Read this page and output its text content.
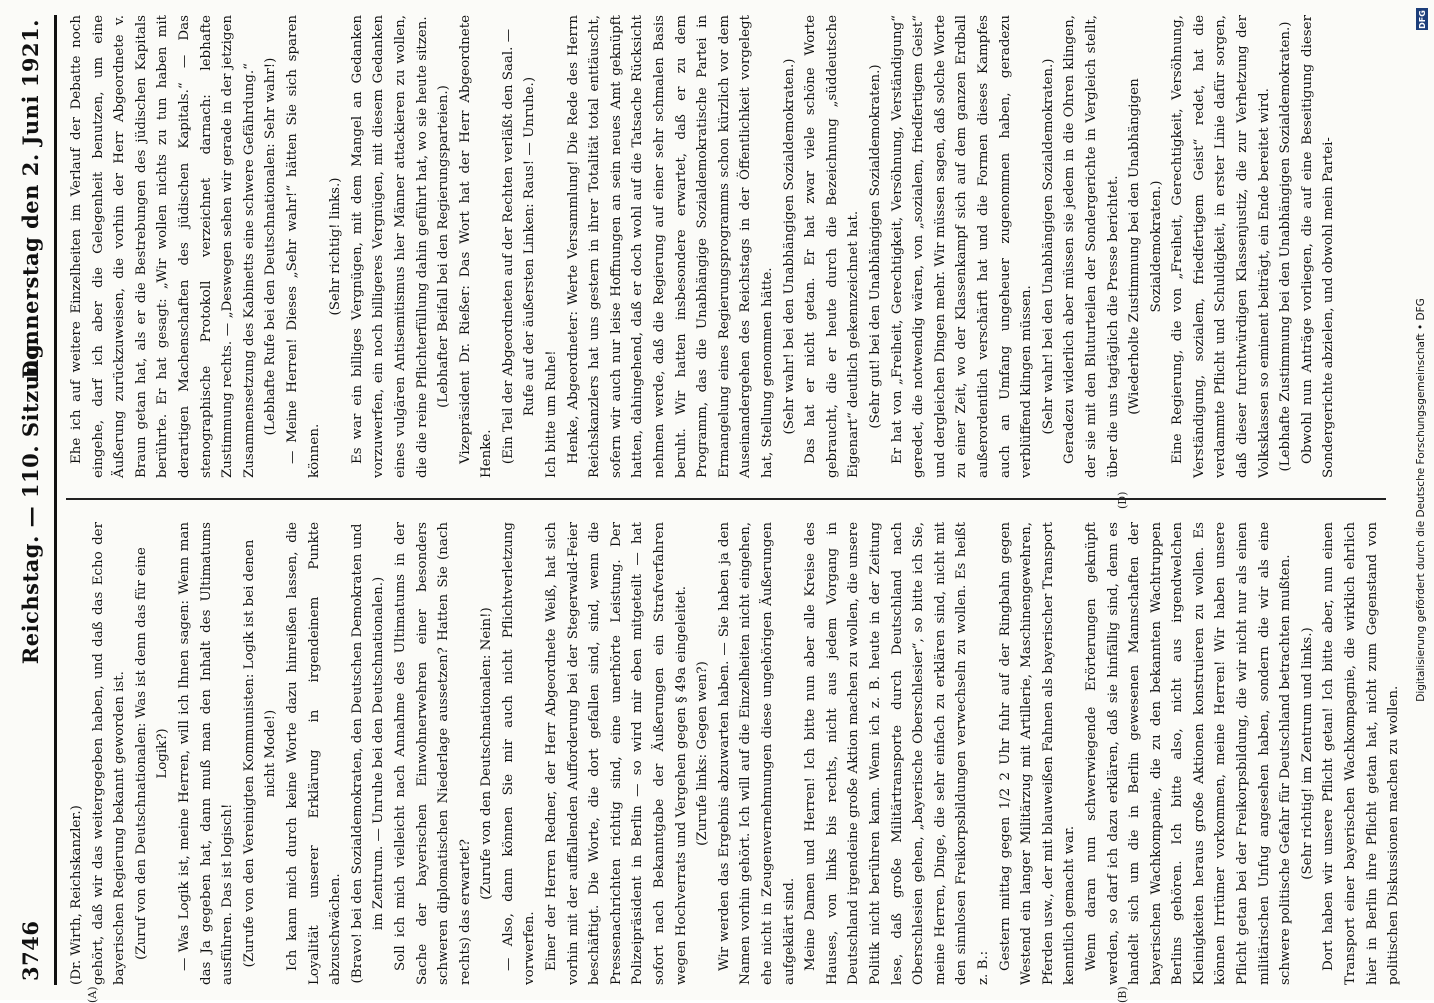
3746
Reichstag. — 110. Sitzung.
Donnerstag den 2. Juni 1921.

(Dr. Wirth, Reichskanzler.) gehört, daß wir das weitergegeben haben, und daß das Echo der bayerischen Regierung bekannt geworden ist. (Zuruf von den Deutschnationalen: Was ist denn das für eine Logik?) — Was Logik ist, meine Herren, will ich Ihnen sagen: Wenn man das Ja gegeben hat, dann muß man den Inhalt des Ultimatums ausführen. Das ist logisch! (Zurufe von den Vereinigten Kommunisten: Logik ist bei denen nicht Mode!) Ich kann mich durch keine Worte dazu hinreißen lassen, die Loyalität unserer Erklärung in irgendeinem Punkte abzuschwächen. (Bravo! bei den Sozialdemokraten, den Deutschen Demokraten und im Zentrum. — Unruhe bei den Deutschnationalen.) Soll ich mich vielleicht nach Annahme des Ultimatums in der Sache der bayerischen Einwohnerwehren einer besonders schweren diplomatischen Niederlage aussetzen? Hatten Sie (nach rechts) das erwartet?

(Zurufe von den Deutschnationalen: Nein!) — Also, dann können Sie mir auch nicht Pflichtverletzung vorwerfen. Einer der Herren Redner, der Herr Abgeordnete Weiß, hat sich vorhin mit der auffallenden Aufforderung bei der Stegerwald-Feier beschäftigt. Die Worte, die dort gefallen sind, sind, wenn die Pressenachrichten richtig sind, eine unerhörte Leistung. Der Polizeipräsident in Berlin — so wird mir eben mitgeteilt — hat sofort nach Bekanntgabe der Äußerungen ein Strafverfahren wegen Hochverrats und Vergehen gegen § 49a eingeleitet. (Zurufe links: Gegen wen?) Wir werden das Ergebnis abzuwarten haben. — Sie haben ja den Namen vorhin gehört. Ich will auf die Einzelheiten nicht eingehen, ehe nicht in Zeugenvernehmungen diese ungehörigen Äußerungen aufgeklärt sind. Meine Damen und Herren! Ich bitte nun aber alle Kreise des Hauses, von links bis rechts, nicht aus jedem Vorgang in Deutschland irgendeine große Aktion machen zu wollen, die unsere Politik nicht berühren kann. Wenn ich z. B. heute in der Zeitung lese, daß große Militärtransporte durch Deutschland nach Oberschlesien gehen, „bayerische Oberschlesier“, so bitte ich Sie, meine Herren, Dinge, die sehr einfach zu erklären sind, nicht mit den sinnlosen Freikorpsbildungen verwechseln zu wollen. Es heißt z. B.: Gestern mittag gegen 1/2 2 Uhr fuhr auf der Ringbahn gegen Westend ein langer Militärzug mit Artillerie, Maschinengewehren, Pferden usw., der mit blauweißen Fahnen als bayerischer Transport kenntlich gemacht war. Wenn daran nun schwerwiegende Erörterungen geknüpft werden, so darf ich dazu erklären, daß sie hinfällig sind, denn es handelt sich um die in Berlin gewesenen Mannschaften der bayerischen Wachkompanie, die zu den bekannten Wachtruppen Berlins gehören. Ich bitte also, nicht aus irgendwelchen Kleinigkeiten heraus große Aktionen konstruieren zu wollen. Es können Irrtümer vorkommen, meine Herren! Wir haben unsere Pflicht getan bei der Freikorpsbildung, die wir nicht nur als einen militärischen Unfug angesehen haben, sondern die wir als eine schwere politische Gefahr für Deutschland betrachten mußten. (Sehr richtig! im Zentrum und links.) Dort haben wir unsere Pflicht getan! Ich bitte aber, nun einen Transport einer bayerischen Wachkompagnie, die wirklich ehrlich hier in Berlin ihre Pflicht getan hat, nicht zum Gegenstand von politischen Diskussionen machen zu wollen.

Ehe ich auf weitere Einzelheiten im Verlauf der Debatte noch eingehe, darf ich aber die Gelegenheit benutzen, um eine Äußerung zurückzuweisen, die vorhin der Herr Abgeordnete v. Braun getan hat, als er die Bestrebungen des jüdischen Kapitals berührte. Er hat gesagt: „Wir wollen nichts zu tun haben mit derartigen Machenschaften des jüdischen Kapitals.“ — Das stenographische Protokoll verzeichnet darnach: lebhafte Zustimmung rechts. — „Deswegen sehen wir gerade in der jetzigen Zusammensetzung des Kabinetts eine schwere Gefährdung.“ (Lebhafte Rufe bei den Deutschnationalen: Sehr wahr!) — Meine Herren! Dieses „Sehr wahr!“ hätten Sie sich sparen können.

(Sehr richtig! links.) Es war ein billiges Vergnügen, mit dem Mangel an Gedanken vorzuwerfen, ein noch billigeres Vergnügen, mit diesem Gedanken eines vulgären Antisemitismus hier Männer attackieren zu wollen, die die reine Pflichterfüllung dahin geführt hat, wo sie heute sitzen. (Lebhafter Beifall bei den Regierungsparteien.) Vizepräsident Dr. Rießer: Das Wort hat der Herr Abgeordnete Henke. (Ein Teil der Abgeordneten auf der Rechten verläßt den Saal. — Rufe auf der äußersten Linken: Raus! — Unruhe.) Ich bitte um Ruhe! Henke, Abgeordneter: Werte Versammlung! Die Rede des Herrn Reichskanzlers hat uns gestern in ihrer Totalität total enttäuscht, sofern wir auch nur leise Hoffnungen an sein neues Amt geknüpft hatten, dahingehend, daß er doch wohl auf die Tatsache Rücksicht nehmen werde, daß die Regierung auf einer sehr schmalen Basis beruht. Wir hatten insbesondere erwartet, daß er zu dem Programm, das die Unabhängige Sozialdemokratische Partei in Ermangelung eines Regierungsprogramms schon kürzlich vor dem Auseinandergehen des Reichstags in der Öffentlichkeit vorgelegt hat, Stellung genommen hätte. (Sehr wahr! bei den Unabhängigen Sozialdemokraten.) Das hat er nicht getan. Er hat zwar viele schöne Worte gebraucht, die er heute durch die Bezeichnung „süddeutsche Eigenart“ deutlich gekennzeichnet hat. (Sehr gut! bei den Unabhängigen Sozialdemokraten.) Er hat von „Freiheit, Gerechtigkeit, Versöhnung, Verständigung“ geredet, die notwendig wären, von „sozialem, friedfertigem Geist“ und dergleichen Dingen mehr. Wir müssen sagen, daß solche Worte zu einer Zeit, wo der Klassenkampf sich auf dem ganzen Erdball außerordentlich verschärft hat und die Formen dieses Kampfes auch an Umfang ungeheuer zugenommen haben, geradezu verblüffend klingen müssen. (Sehr wahr! bei den Unabhängigen Sozialdemokraten.) Geradezu widerlich aber müssen sie jedem in die Ohren klingen, der sie mit den Bluturteilen der Sondergerichte in Vergleich stellt, über die uns tagtäglich die Presse berichtet. (Wiederholte Zustimmung bei den Unabhängigen Sozialdemokraten.) Eine Regierung, die von „Freiheit, Gerechtigkeit, Versöhnung, Verständigung, sozialem, friedfertigem Geist“ redet, hat die verdammte Pflicht und Schuldigkeit, in erster Linie dafür sorgen, daß dieser furchtwürdigen Klassenjustiz, die zur Verhetzung der Volksklassen so eminent beiträgt, ein Ende bereitet wird. (Lebhafte Zustimmung bei den Unabhängigen Sozialdemokraten.) Obwohl nun Anträge vorliegen, die auf eine Beseitigung dieser Sondergerichte abzielen, und obwohl mein Partei-

(A)	(B)
(D)	Digitalisierung gefördert durch die Deutsche Forschungsgemeinschaft • DFG
DFG
